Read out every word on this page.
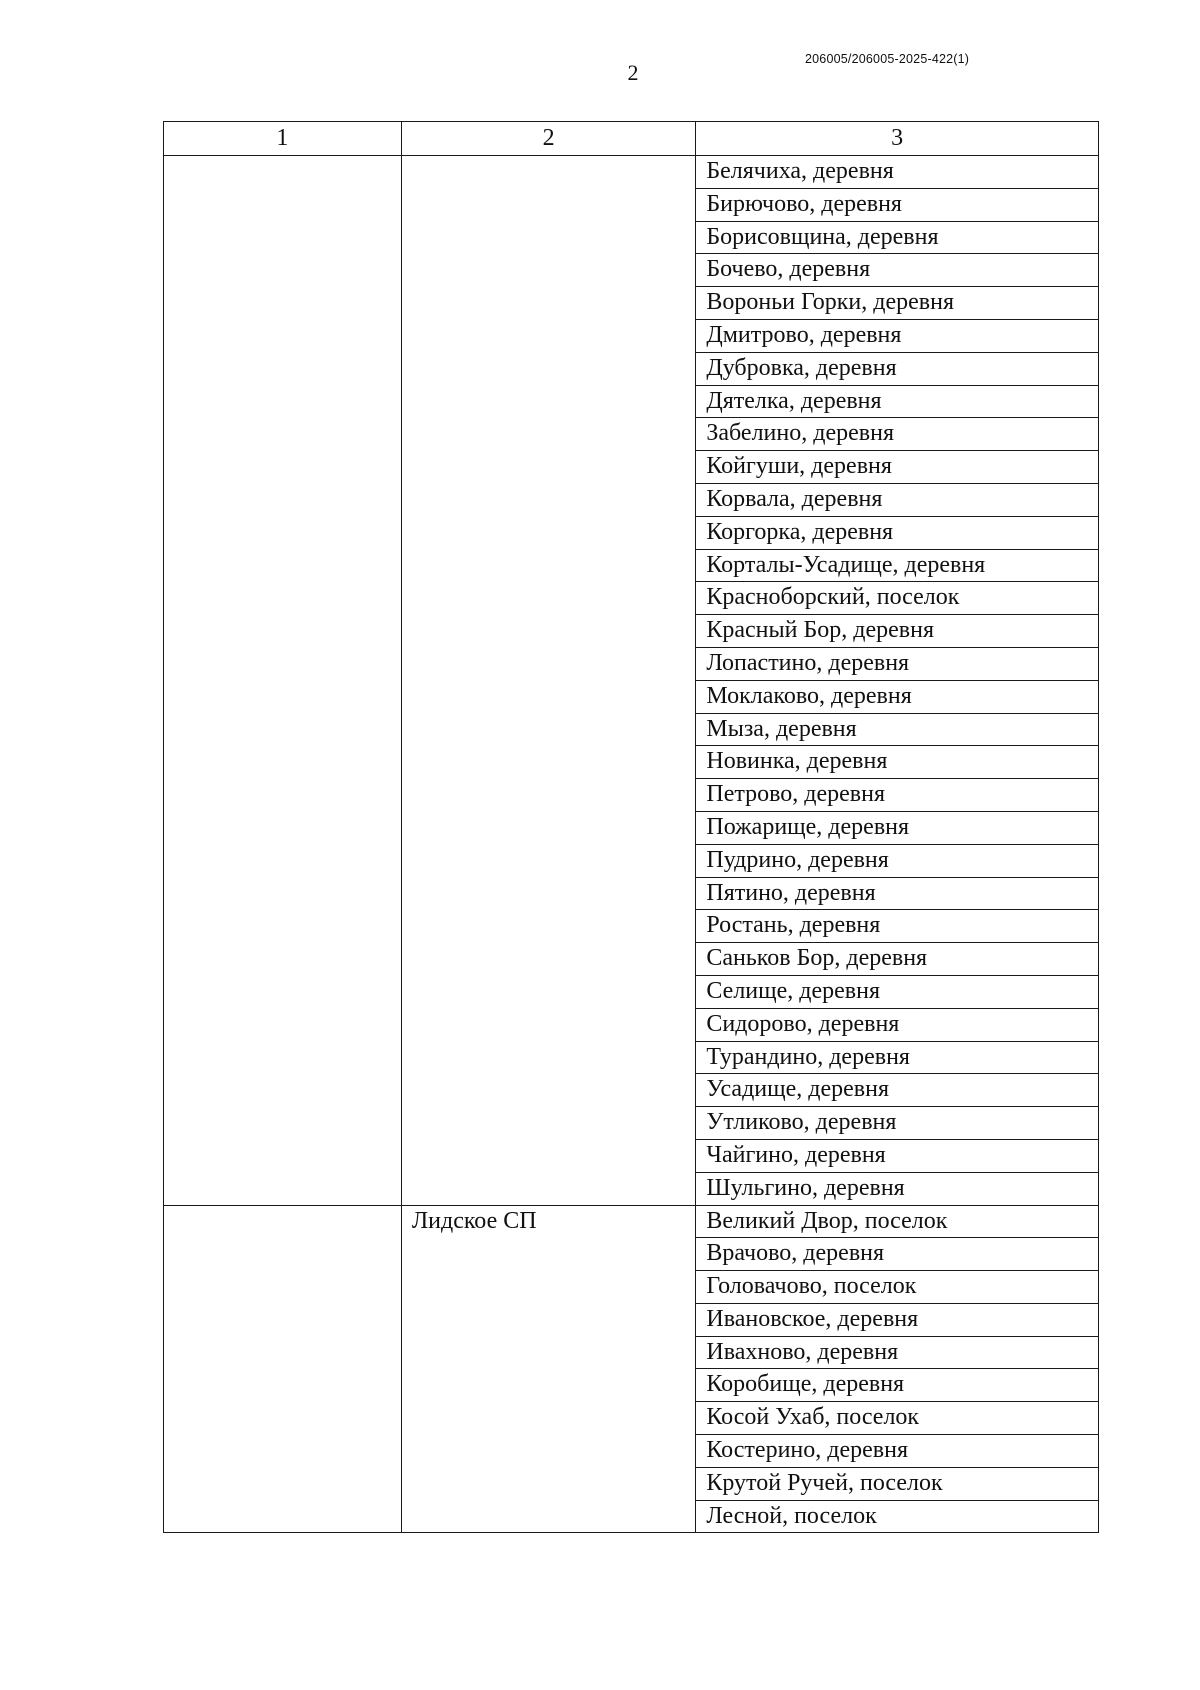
2
206005/206005-2025-422(1)
1	2	3
		Белячиха, деревня
		Бирючово, деревня
		Борисовщина, деревня
		Бочево, деревня
		Вороньи Горки, деревня
		Дмитрово, деревня
		Дубровка, деревня
		Дятелка, деревня
		Забелино, деревня
		Койгуши, деревня
		Корвала, деревня
		Коргорка, деревня
		Корталы-Усадище, деревня
		Красноборский, поселок
		Красный Бор, деревня
		Лопастино, деревня
		Моклаково, деревня
		Мыза, деревня
		Новинка, деревня
		Петрово, деревня
		Пожарище, деревня
		Пудрино, деревня
		Пятино, деревня
		Ростань, деревня
		Саньков Бор, деревня
		Селище, деревня
		Сидорово, деревня
		Турандино, деревня
		Усадище, деревня
		Утликово, деревня
		Чайгино, деревня
		Шульгино, деревня
	Лидское СП	Великий Двор, поселок
		Врачово, деревня
		Головачово, поселок
		Ивановское, деревня
		Ивахново, деревня
		Коробище, деревня
		Косой Ухаб, поселок
		Костерино, деревня
		Крутой Ручей, поселок
		Лесной, поселок
